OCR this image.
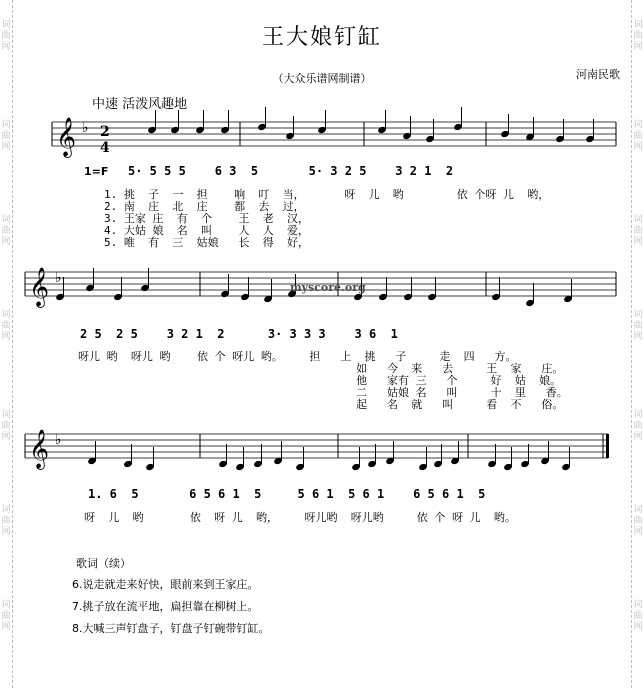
词
曲
网
词
曲
网
词
曲
网
词
曲
网
词
曲
网
词
曲
网
词
曲
网
词
曲
网
词
曲
网
词
曲
网
词
曲
网
词
曲
网
词
曲
网
词
曲
网
王大娘钉缸
（大众乐谱网制谱）	河南民歌
中速 活泼风趣地
𝄞 ♭
𝄞 ♭
𝄞 ♭
2
4
myscore.org
1=F 5· 5 5 5    6 3  5       5· 3 2 5    3 2 1  2
1. 挑  子  一  担    响  叮  当，      呀  儿  哟        依 个呀 儿  哟，
2. 南  庄  北  庄    都  去  过，
3. 王家 庄  有  个    王  老  汉，
4. 大姑 娘  名  叫    人  人  爱，
5. 唯  有  三  姑娘   长  得  好，
2 5  2 5    3 2 1  2      3· 3 3 3    3 6  1
呀儿 哟  呀儿 哟    依 个 呀儿 哟。    担   上  挑   子     走  四   方。
如   今  来   去     王  家   庄。
他   家有 三   个     好  姑  娘。
二   姑娘 名   叫     十  里   香。
起   名  就   叫     看  不   俗。
1. 6  5       6 5 6 1  5     5 6 1  5 6 1    6 5 6 1  5
呀  儿  哟       依  呀 儿  哟，    呀儿哟  呀儿哟     依 个 呀 儿  哟。
歌词（续）
6.说走就走来好快，眼前来到王家庄。
7.挑子放在流平地，扁担靠在柳树上。
8.大喊三声钉盘子，钉盘子钉碗带钉缸。
